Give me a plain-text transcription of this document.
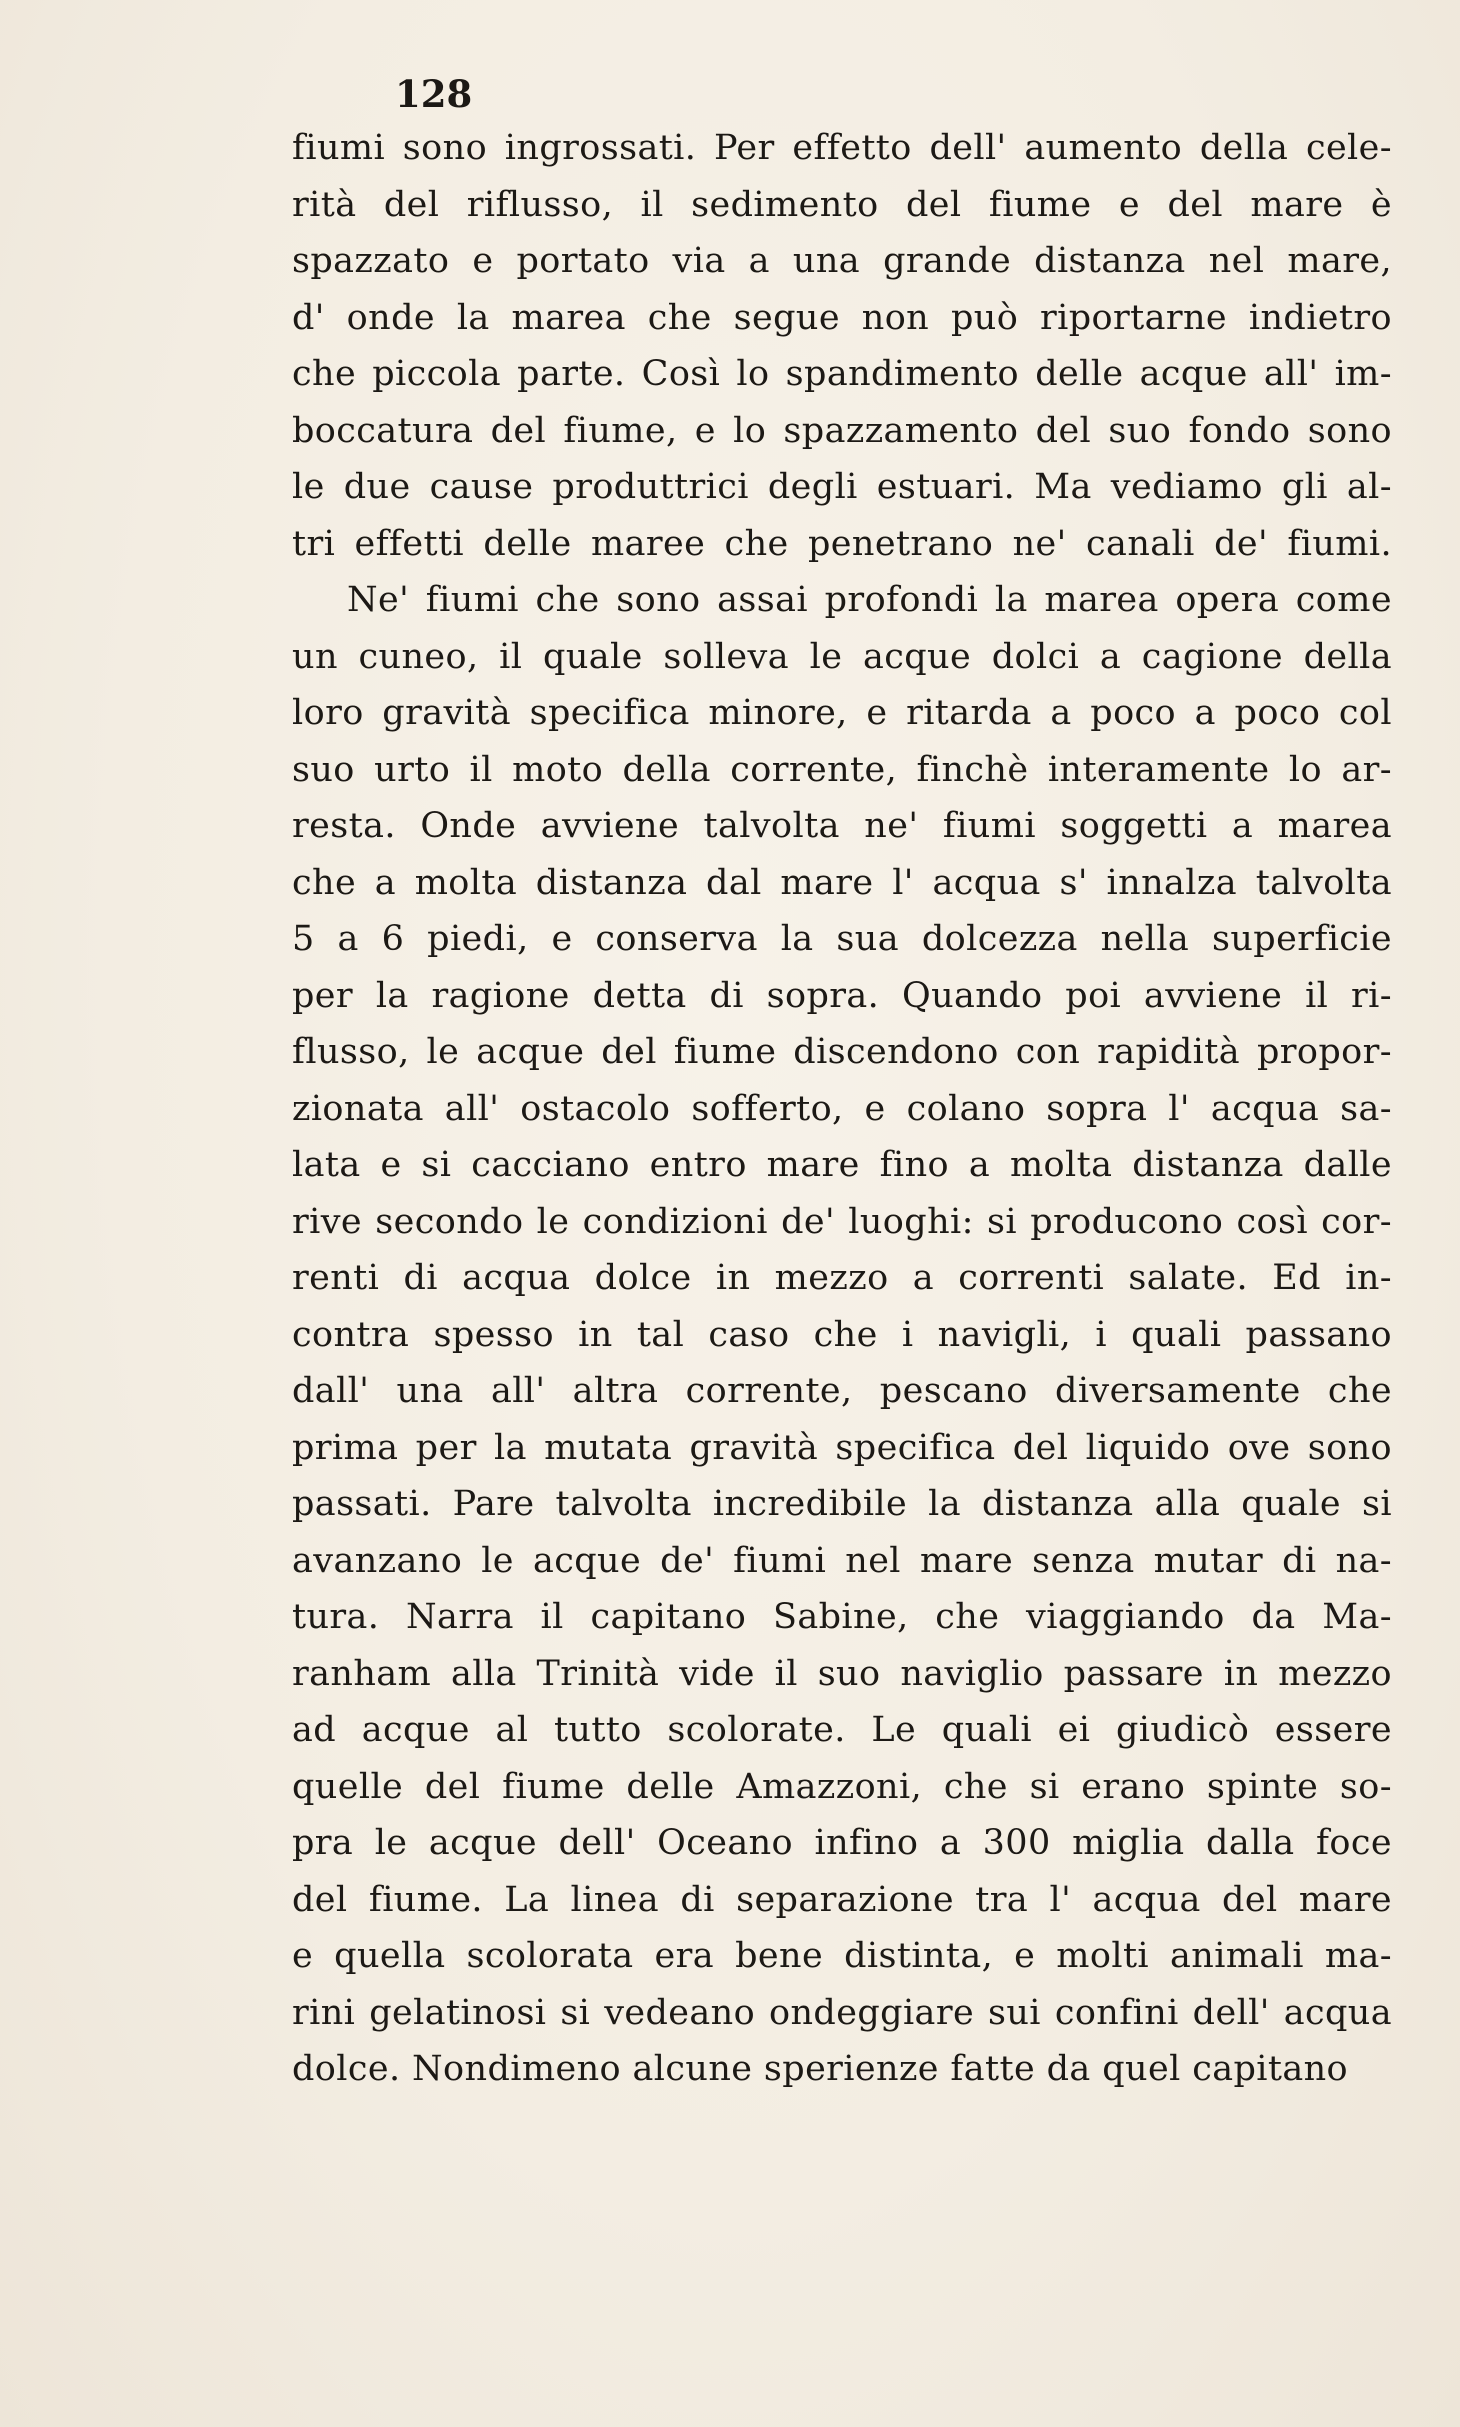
128

fiumi sono ingrossati. Per effetto dell' aumento della cele-

rità del riflusso, il sedimento del fiume e del mare è

spazzato e portato via a una grande distanza nel mare,

d' onde la marea che segue non può riportarne indietro

che piccola parte. Così lo spandimento delle acque all' im-

boccatura del fiume, e lo spazzamento del suo fondo sono

le due cause produttrici degli estuari. Ma vediamo gli al-

tri effetti delle maree che penetrano ne' canali de' fiumi.

Ne' fiumi che sono assai profondi la marea opera come

un cuneo, il quale solleva le acque dolci a cagione della

loro gravità specifica minore, e ritarda a poco a poco col

suo urto il moto della corrente, finchè interamente lo ar-

resta. Onde avviene talvolta ne' fiumi soggetti a marea

che a molta distanza dal mare l' acqua s' innalza talvolta

5 a 6 piedi, e conserva la sua dolcezza nella superficie

per la ragione detta di sopra. Quando poi avviene il ri-

flusso, le acque del fiume discendono con rapidità propor-

zionata all' ostacolo sofferto, e colano sopra l' acqua sa-

lata e si cacciano entro mare fino a molta distanza dalle

rive secondo le condizioni de' luoghi: si producono così cor-

renti di acqua dolce in mezzo a correnti salate. Ed in-

contra spesso in tal caso che i navigli, i quali passano

dall' una all' altra corrente, pescano diversamente che

prima per la mutata gravità specifica del liquido ove sono

passati. Pare talvolta incredibile la distanza alla quale si

avanzano le acque de' fiumi nel mare senza mutar di na-

tura. Narra il capitano Sabine, che viaggiando da Ma-

ranham alla Trinità vide il suo naviglio passare in mezzo

ad acque al tutto scolorate. Le quali ei giudicò essere

quelle del fiume delle Amazzoni, che si erano spinte so-

pra le acque dell' Oceano infino a 300 miglia dalla foce

del fiume. La linea di separazione tra l' acqua del mare

e quella scolorata era bene distinta, e molti animali ma-

rini gelatinosi si vedeano ondeggiare sui confini dell' acqua

dolce. Nondimeno alcune sperienze fatte da quel capitano
